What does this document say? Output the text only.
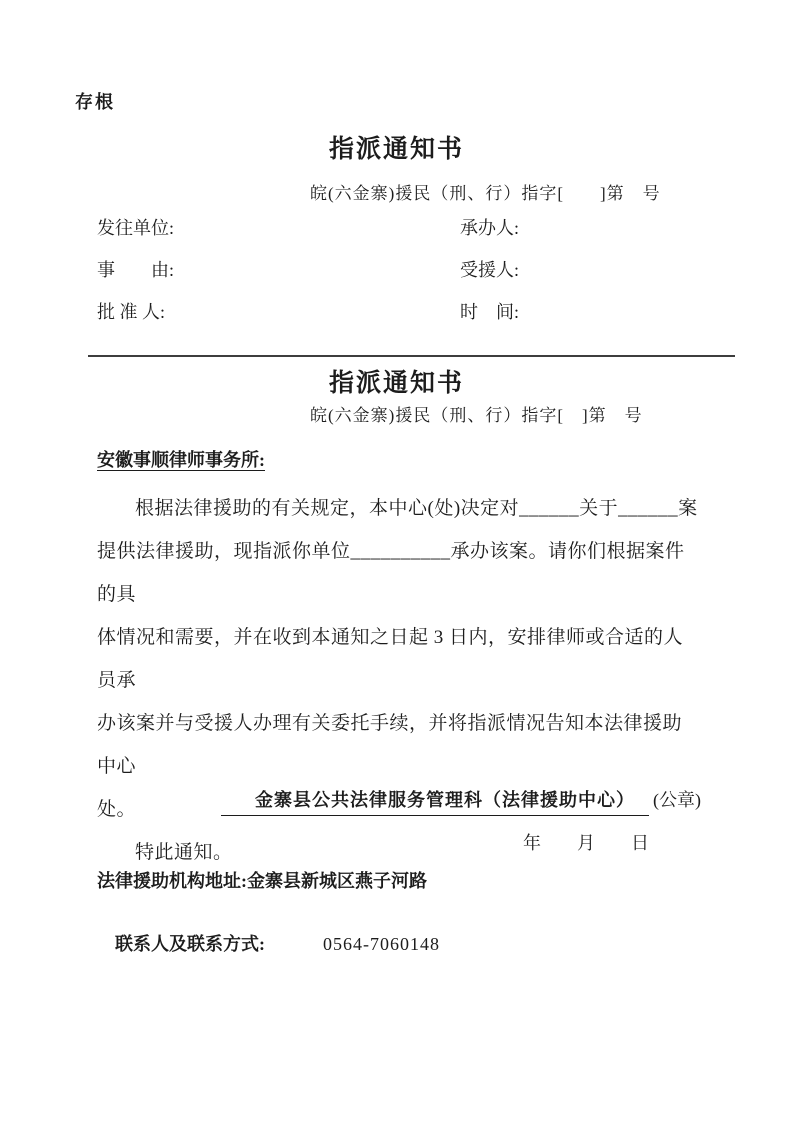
存根
指派通知书
皖(六金寨)援民（刑、行）指字[　　]第　号
发往单位:	承办人:
事　　由:	受援人:
批 准 人:	时　间:
指派通知书
皖(六金寨)援民（刑、行）指字[　]第　号
安徽事顺律师事务所:
根据法律援助的有关规定，本中心(处)决定对______关于______案
提供法律援助，现指派你单位__________承办该案。请你们根据案件的具
体情况和需要，并在收到本通知之日起 3 日内，安排律师或合适的人员承
办该案并与受援人办理有关委托手续，并将指派情况告知本法律援助中心
处。
特此通知。
金寨县公共法律服务管理科（法律援助中心） (公章)
年　　月　　日
法律援助机构地址:金寨县新城区燕子河路

联系人及联系方式:	0564-7060148
